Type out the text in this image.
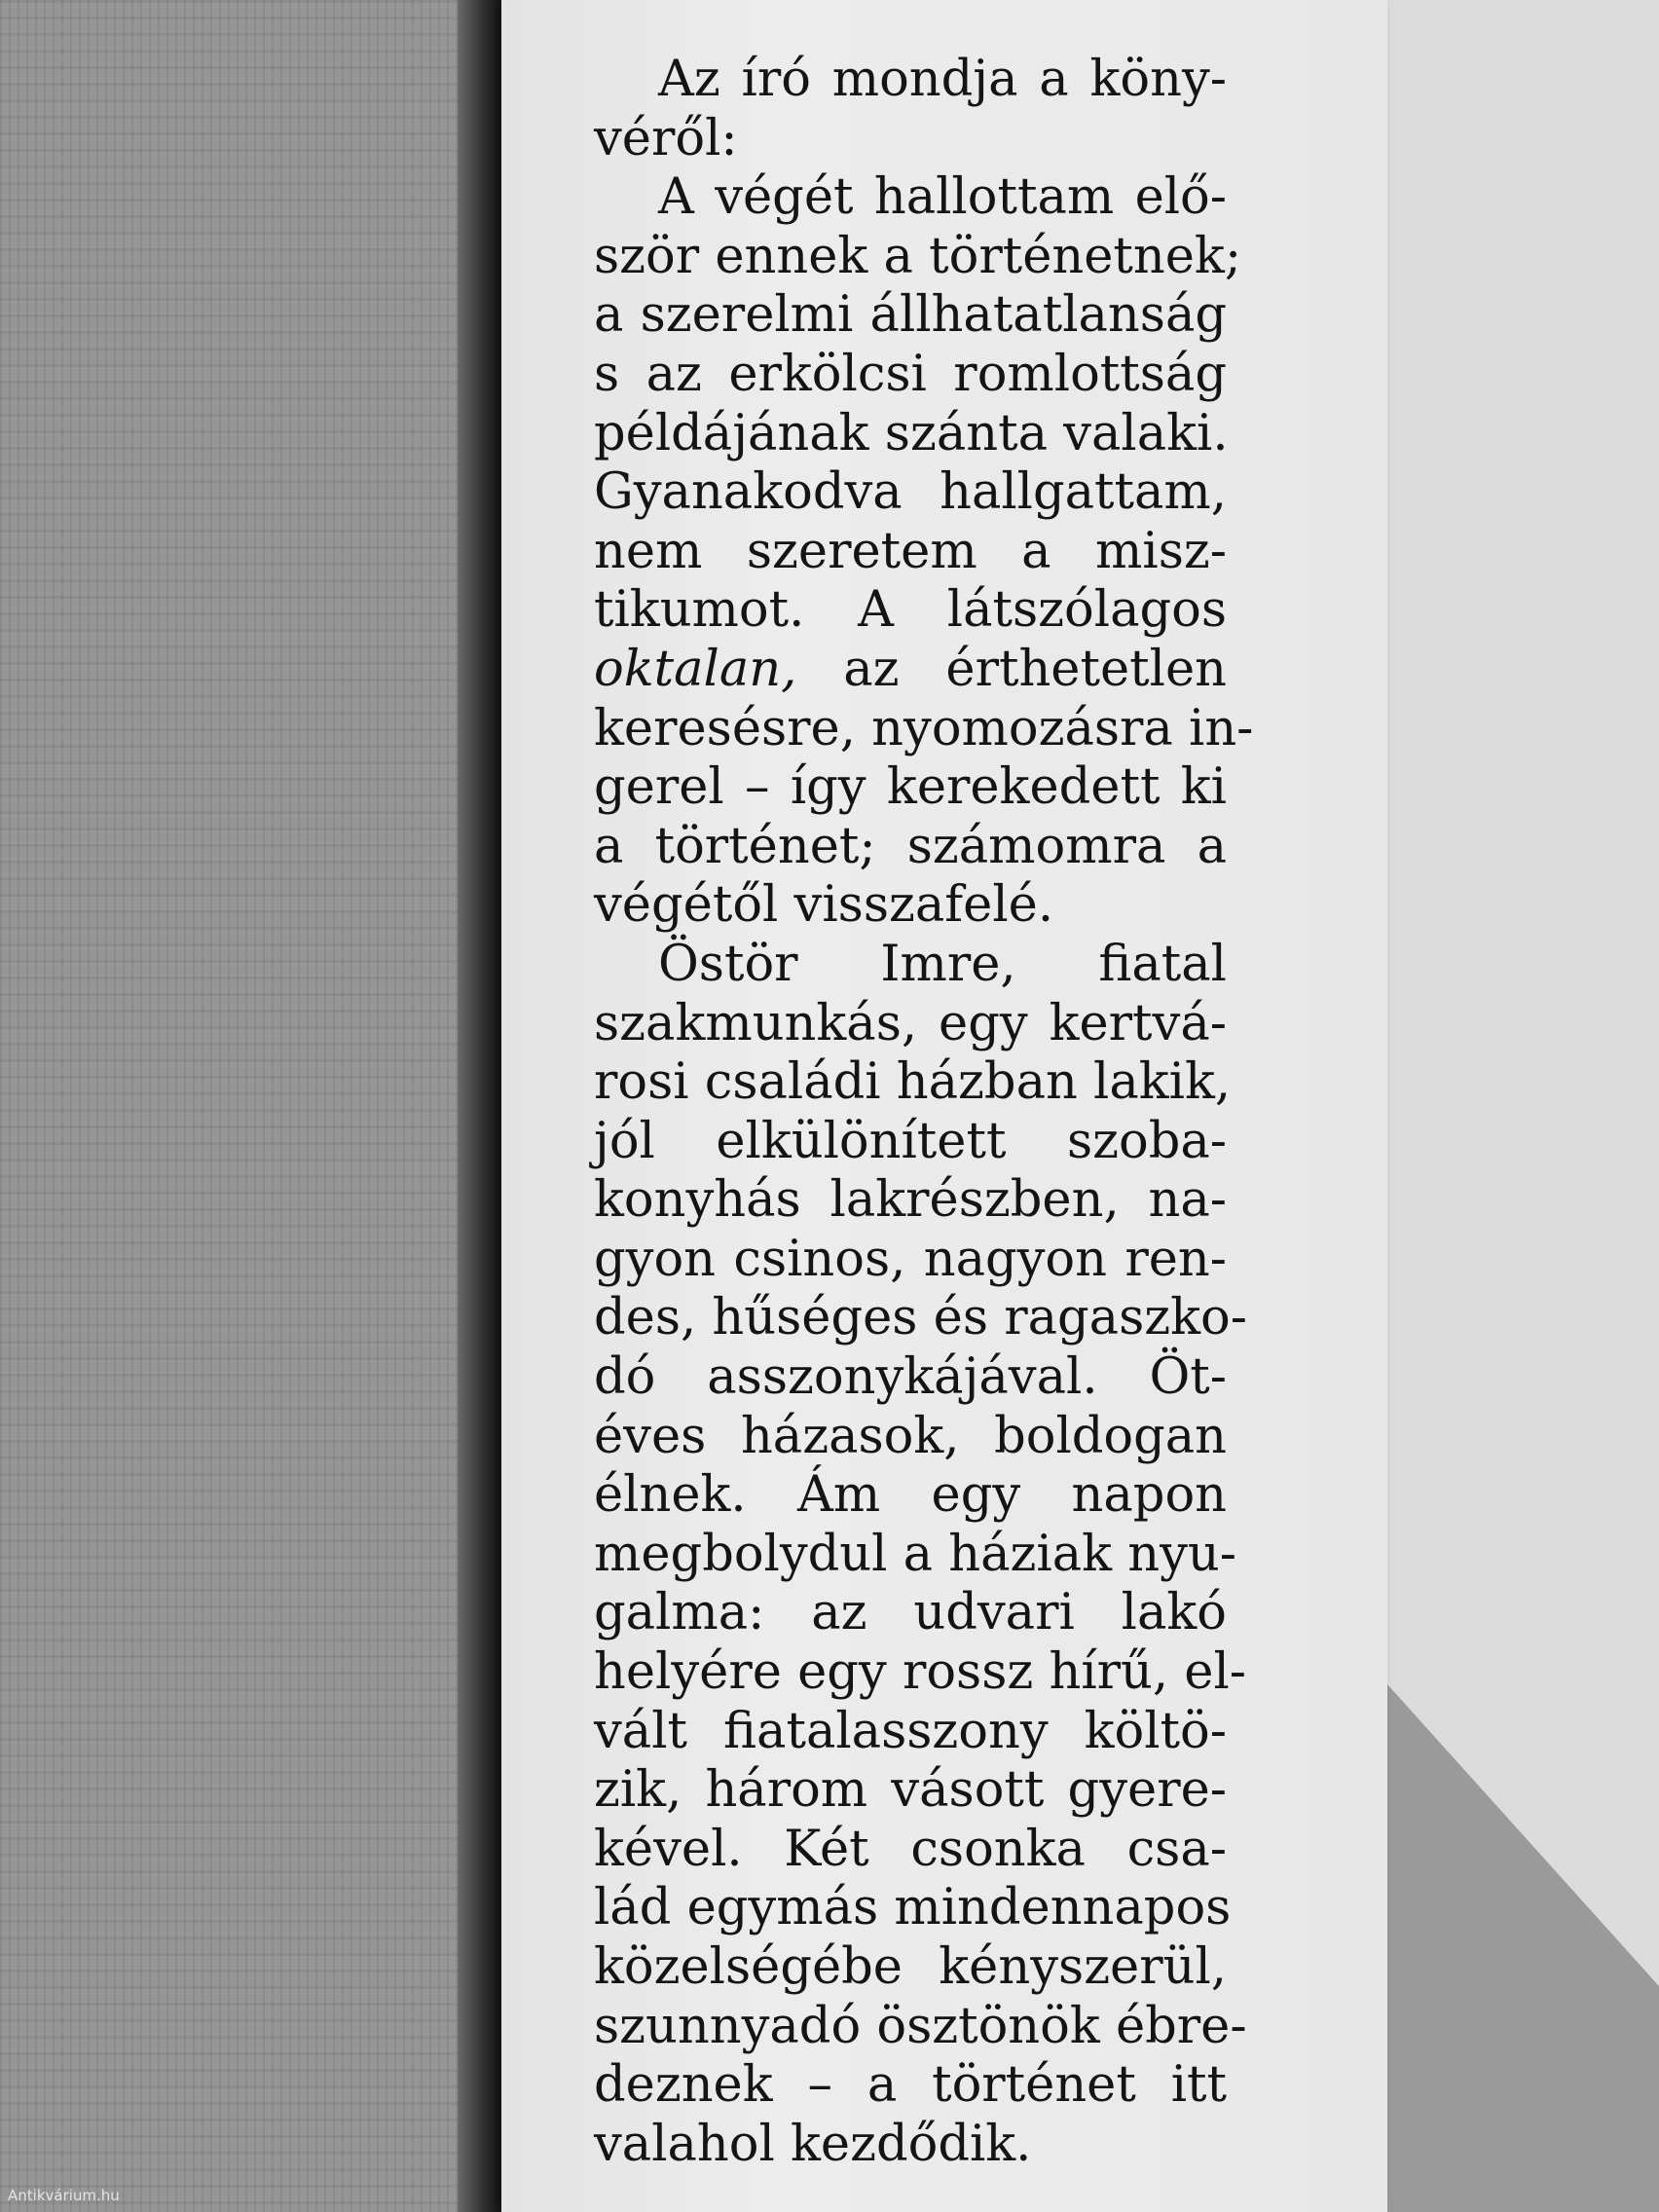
Az író mondja a köny-
véről:
A végét hallottam elő-
ször ennek a történetnek;
a szerelmi állhatatlanság
s az erkölcsi romlottság
példájának szánta valaki.
Gyanakodva hallgattam,
nem szeretem a misz-
tikumot. A látszólagos
oktalan, az érthetetlen
keresésre, nyomozásra in-
gerel – így kerekedett ki
a történet; számomra a
végétől visszafelé.
Östör Imre, fiatal
szakmunkás, egy kertvá-
rosi családi házban lakik,
jól elkülönített szoba-
konyhás lakrészben, na-
gyon csinos, nagyon ren-
des, hűséges és ragaszko-
dó asszonykájával. Öt-
éves házasok, boldogan
élnek. Ám egy napon
megbolydul a háziak nyu-
galma: az udvari lakó
helyére egy rossz hírű, el-
vált fiatalasszony költö-
zik, három vásott gyere-
kével. Két csonka csa-
lád egymás mindennapos
közelségébe kényszerül,
szunnyadó ösztönök ébre-
deznek – a történet itt
valahol kezdődik.
Antikvárium.hu
